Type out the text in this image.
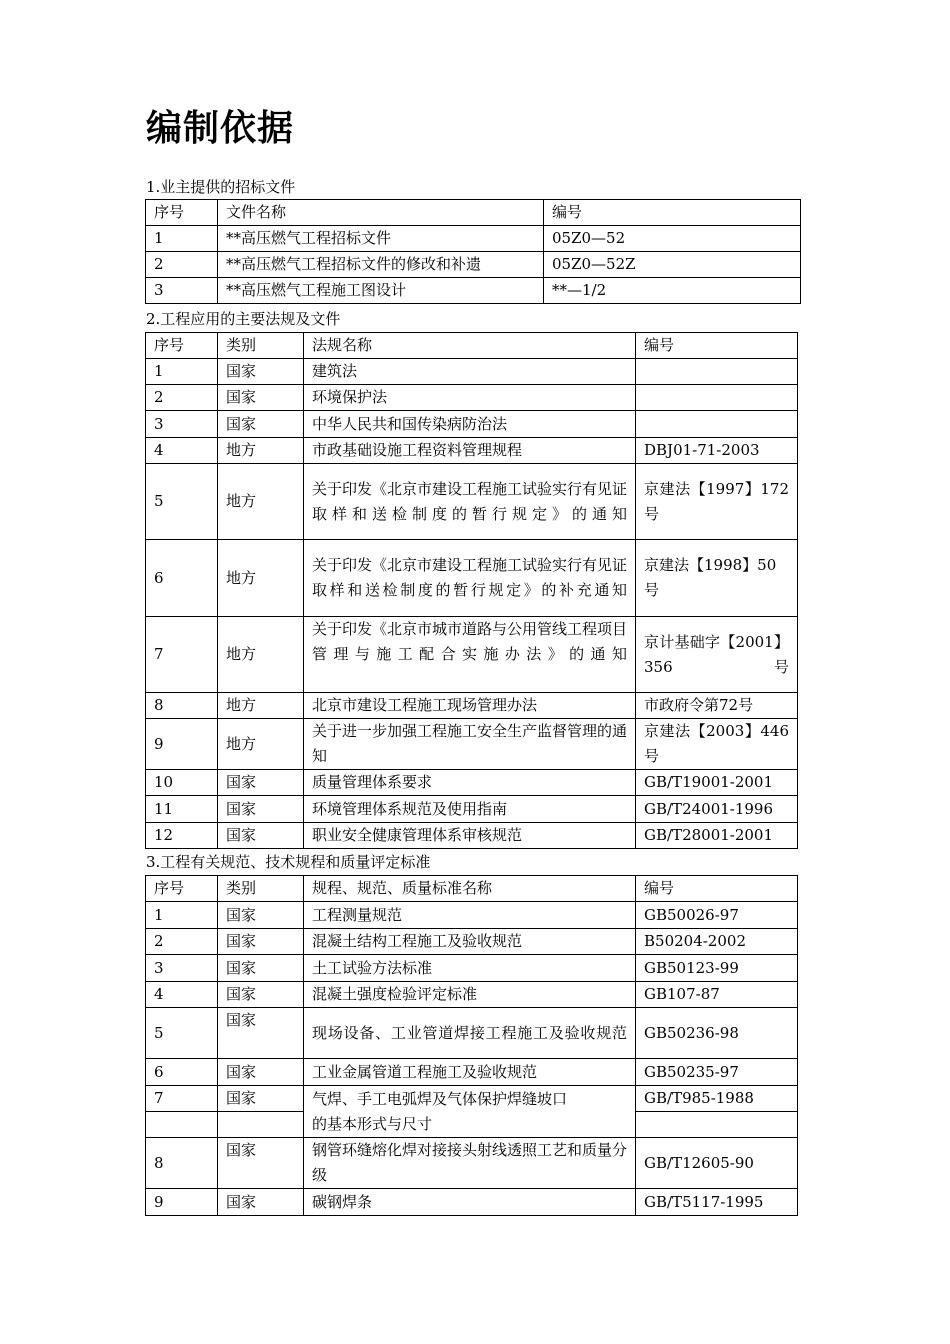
编制依据
1.业主提供的招标文件
序号	文件名称	编号
1	**高压燃气工程招标文件	05Z0—52
2	**高压燃气工程招标文件的修改和补遗	05Z0—52Z
3	**高压燃气工程施工图设计	**—1/2
2.工程应用的主要法规及文件
序号	类别	法规名称	编号
1	国家	建筑法	
2	国家	环境保护法	
3	国家	中华人民共和国传染病防治法	
4	地方	市政基础设施工程资料管理规程	DBJ01-71-2003
5	地方	关于印发《北京市建设工程施工试验实行有见证取样和送检制度的暂行规定》的通知	京建法【1997】172号
6	地方	关于印发《北京市建设工程施工试验实行有见证取样和送检制度的暂行规定》的补充通知	京建法【1998】50号
7	地方	关于印发《北京市城市道路与公用管线工程项目管理与施工配合实施办法》的通知	京计基础字【2001】356号
8	地方	北京市建设工程施工现场管理办法	市政府令第72号
9	地方	关于进一步加强工程施工安全生产监督管理的通知	京建法【2003】446号
10	国家	质量管理体系要求	GB/T19001-2001
11	国家	环境管理体系规范及使用指南	GB/T24001-1996
12	国家	职业安全健康管理体系审核规范	GB/T28001-2001
3.工程有关规范、技术规程和质量评定标准
序号	类别	规程、规范、质量标准名称	编号
1	国家	工程测量规范	GB50026-97
2	国家	混凝土结构工程施工及验收规范	B50204-2002
3	国家	土工试验方法标准	GB50123-99
4	国家	混凝土强度检验评定标准	GB107-87
5	国家	现场设备、工业管道焊接工程施工及验收规范	GB50236-98
6	国家	工业金属管道工程施工及验收规范	GB50235-97
7	国家	气焊、手工电弧焊及气体保护焊缝坡口的基本形式与尺寸	GB/T985-1988

8	国家	钢管环缝熔化焊对接接头射线透照工艺和质量分级	GB/T12605-90
9	国家	碳钢焊条	GB/T5117-1995
